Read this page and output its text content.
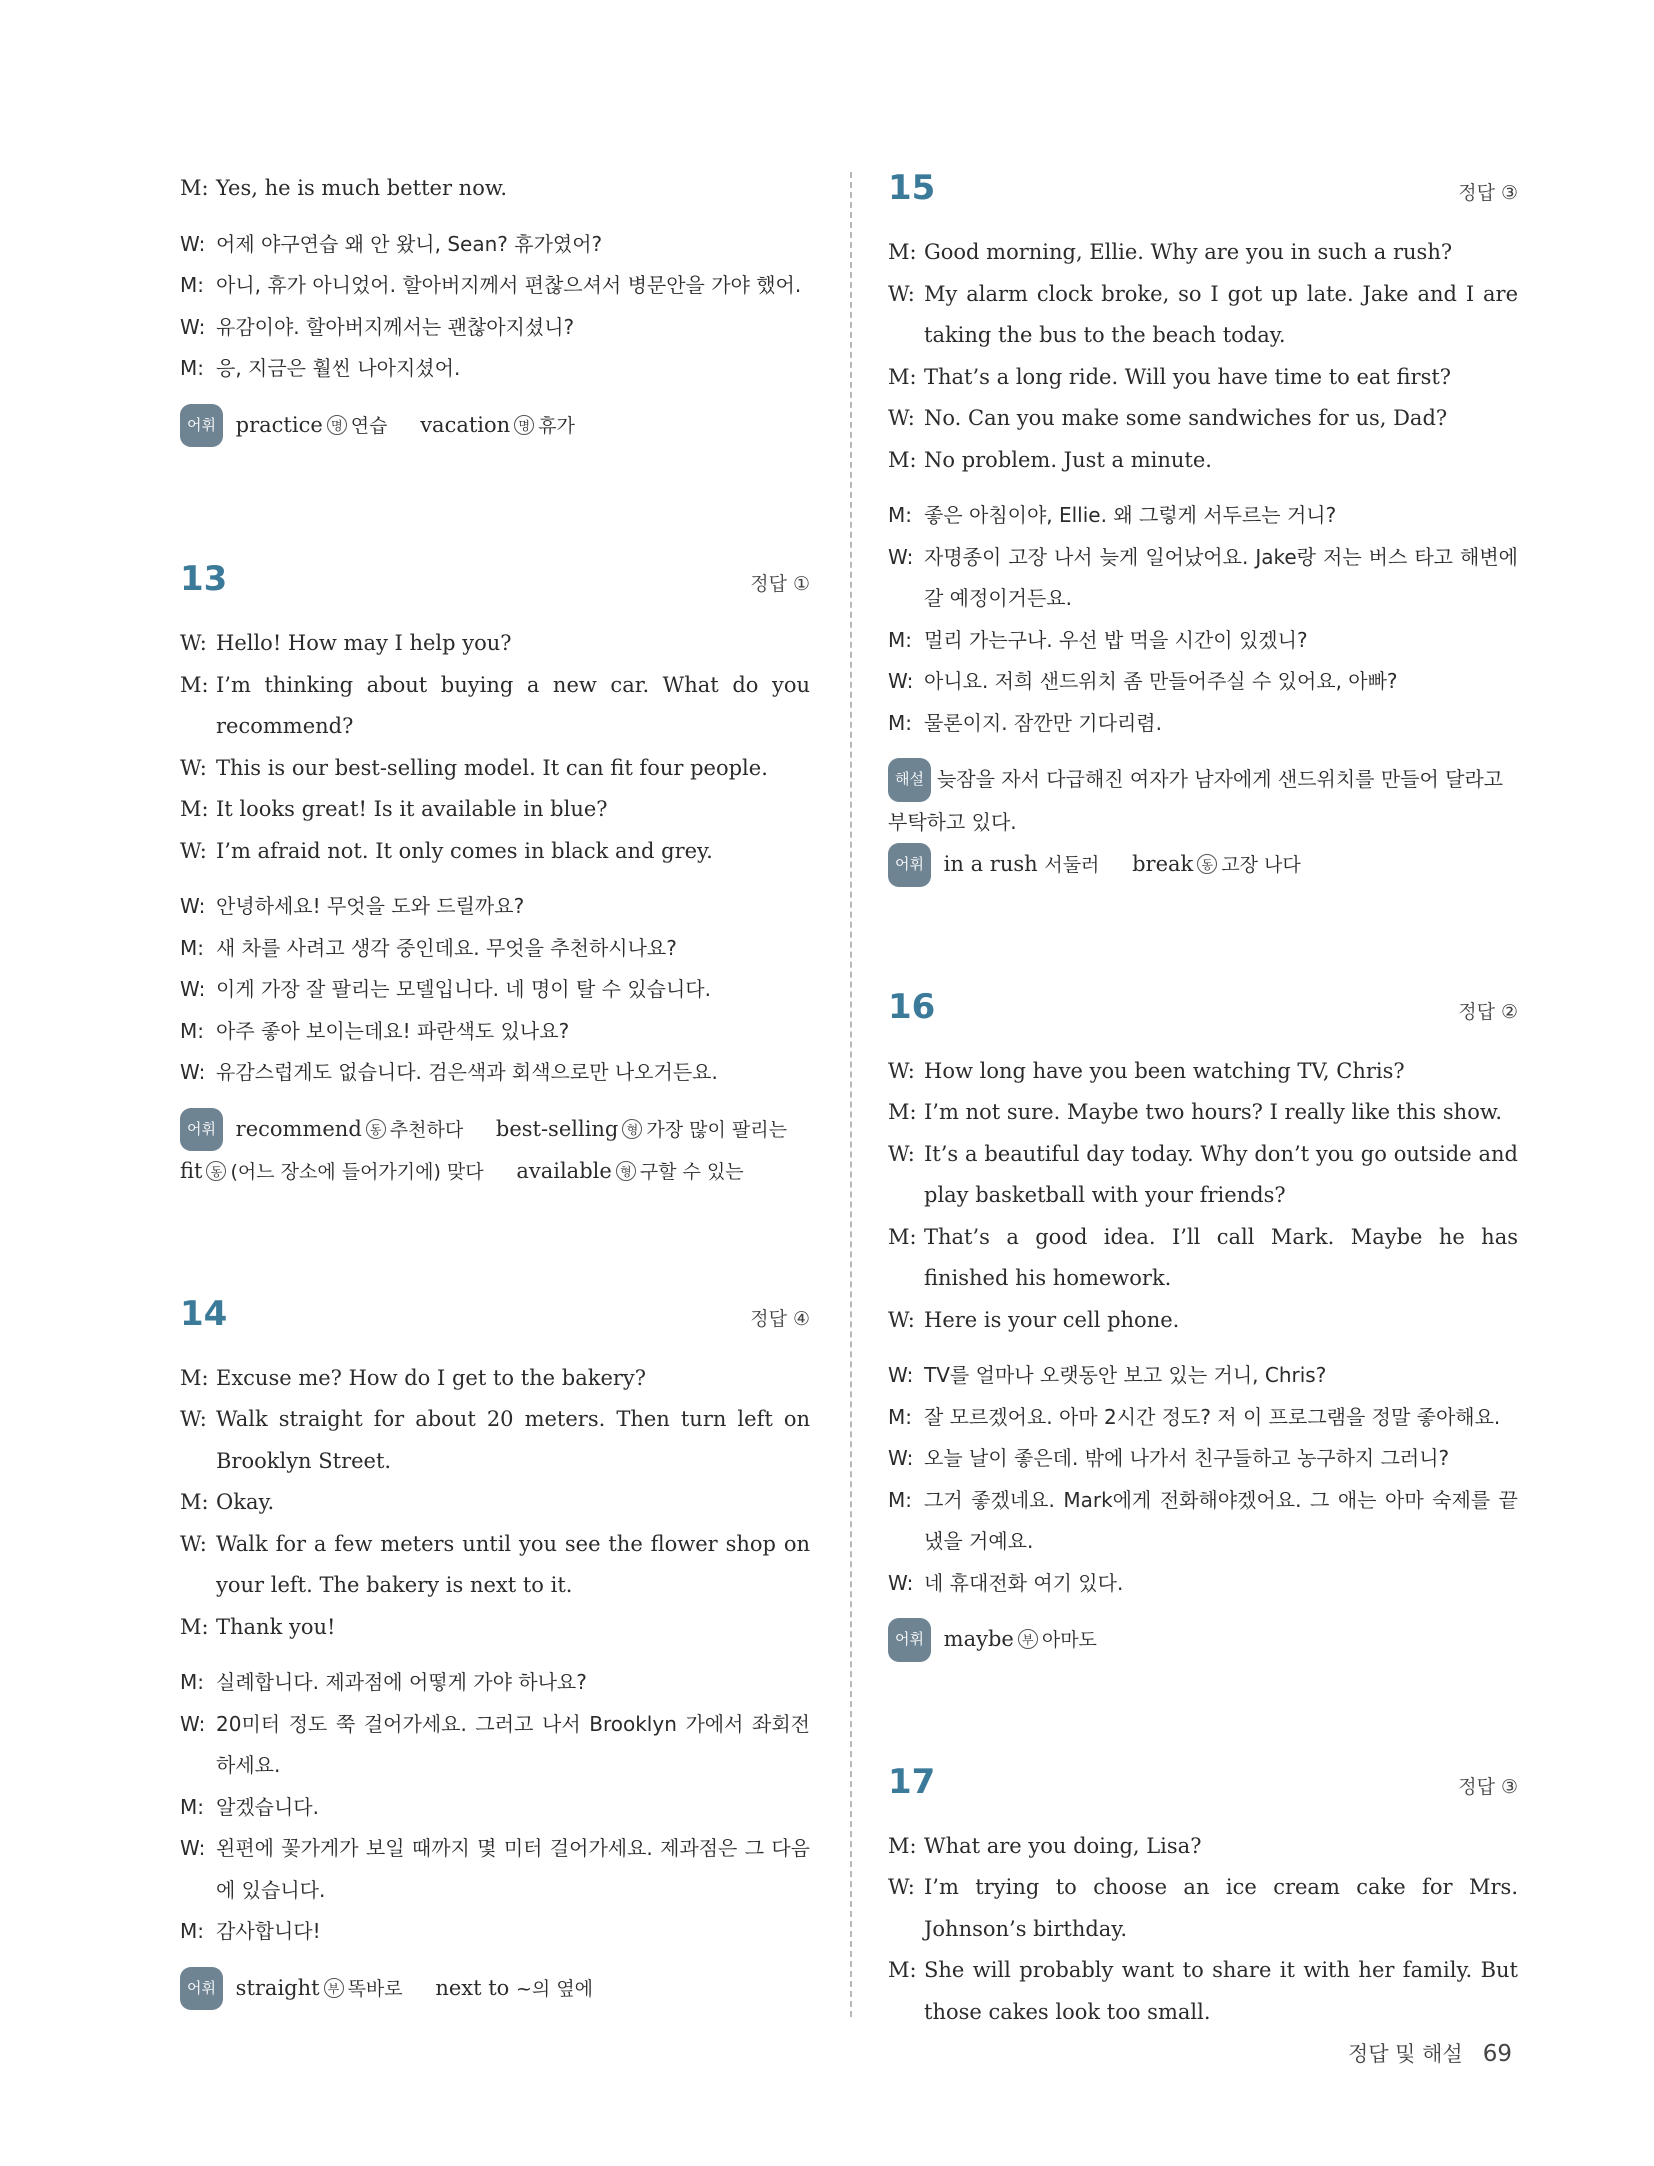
M: Yes, he is much better now.
W: 어제 야구연습 왜 안 왔니, Sean? 휴가였어?
M: 아니, 휴가 아니었어. 할아버지께서 편찮으셔서 병문안을 가야 했어.
W: 유감이야. 할아버지께서는 괜찮아지셨니?
M: 응, 지금은 훨씬 나아지셨어.
어휘 practice 명 연습 vacation 명 휴가
13	정답 ①
W: Hello! How may I help you?
M: I’m thinking about buying a new car. What do you recommend?
W: This is our best-selling model. It can fit four people.
M: It looks great! Is it available in blue?
W: I’m afraid not. It only comes in black and grey.
W: 안녕하세요! 무엇을 도와 드릴까요?
M: 새 차를 사려고 생각 중인데요. 무엇을 추천하시나요?
W: 이게 가장 잘 팔리는 모델입니다. 네 명이 탈 수 있습니다.
M: 아주 좋아 보이는데요! 파란색도 있나요?
W: 유감스럽게도 없습니다. 검은색과 회색으로만 나오거든요.
어휘 recommend 동 추천하다 best-selling 형 가장 많이 팔리는
fit 동 (어느 장소에 들어가기에) 맞다 available 형 구할 수 있는
14	정답 ④
M: Excuse me? How do I get to the bakery?
W: Walk straight for about 20 meters. Then turn left on Brooklyn Street.
M: Okay.
W: Walk for a few meters until you see the flower shop on your left. The bakery is next to it.
M: Thank you!
M: 실례합니다. 제과점에 어떻게 가야 하나요?
W: 20미터 정도 쭉 걸어가세요. 그러고 나서 Brooklyn 가에서 좌회전 하세요.
M: 알겠습니다.
W: 왼편에 꽃가게가 보일 때까지 몇 미터 걸어가세요. 제과점은 그 다음에 있습니다.
M: 감사합니다!
어휘 straight 부 똑바로 next to ~의 옆에
15	정답 ③
M: Good morning, Ellie. Why are you in such a rush?
W: My alarm clock broke, so I got up late. Jake and I are taking the bus to the beach today.
M: That’s a long ride. Will you have time to eat first?
W: No. Can you make some sandwiches for us, Dad?
M: No problem. Just a minute.
M: 좋은 아침이야, Ellie. 왜 그렇게 서두르는 거니?
W: 자명종이 고장 나서 늦게 일어났어요. Jake랑 저는 버스 타고 해변에 갈 예정이거든요.
M: 멀리 가는구나. 우선 밥 먹을 시간이 있겠니?
W: 아니요. 저희 샌드위치 좀 만들어주실 수 있어요, 아빠?
M: 물론이지. 잠깐만 기다리렴.
해설 늦잠을 자서 다급해진 여자가 남자에게 샌드위치를 만들어 달라고 부탁하고 있다.
어휘 in a rush 서둘러 break 동 고장 나다
16	정답 ②
W: How long have you been watching TV, Chris?
M: I’m not sure. Maybe two hours? I really like this show.
W: It’s a beautiful day today. Why don’t you go outside and play basketball with your friends?
M: That’s a good idea. I’ll call Mark. Maybe he has finished his homework.
W: Here is your cell phone.
W: TV를 얼마나 오랫동안 보고 있는 거니, Chris?
M: 잘 모르겠어요. 아마 2시간 정도? 저 이 프로그램을 정말 좋아해요.
W: 오늘 날이 좋은데. 밖에 나가서 친구들하고 농구하지 그러니?
M: 그거 좋겠네요. Mark에게 전화해야겠어요. 그 애는 아마 숙제를 끝냈을 거예요.
W: 네 휴대전화 여기 있다.
어휘 maybe 부 아마도
17	정답 ③
M: What are you doing, Lisa?
W: I’m trying to choose an ice cream cake for Mrs. Johnson’s birthday.
M: She will probably want to share it with her family. But those cakes look too small.
정답 및 해설 69
